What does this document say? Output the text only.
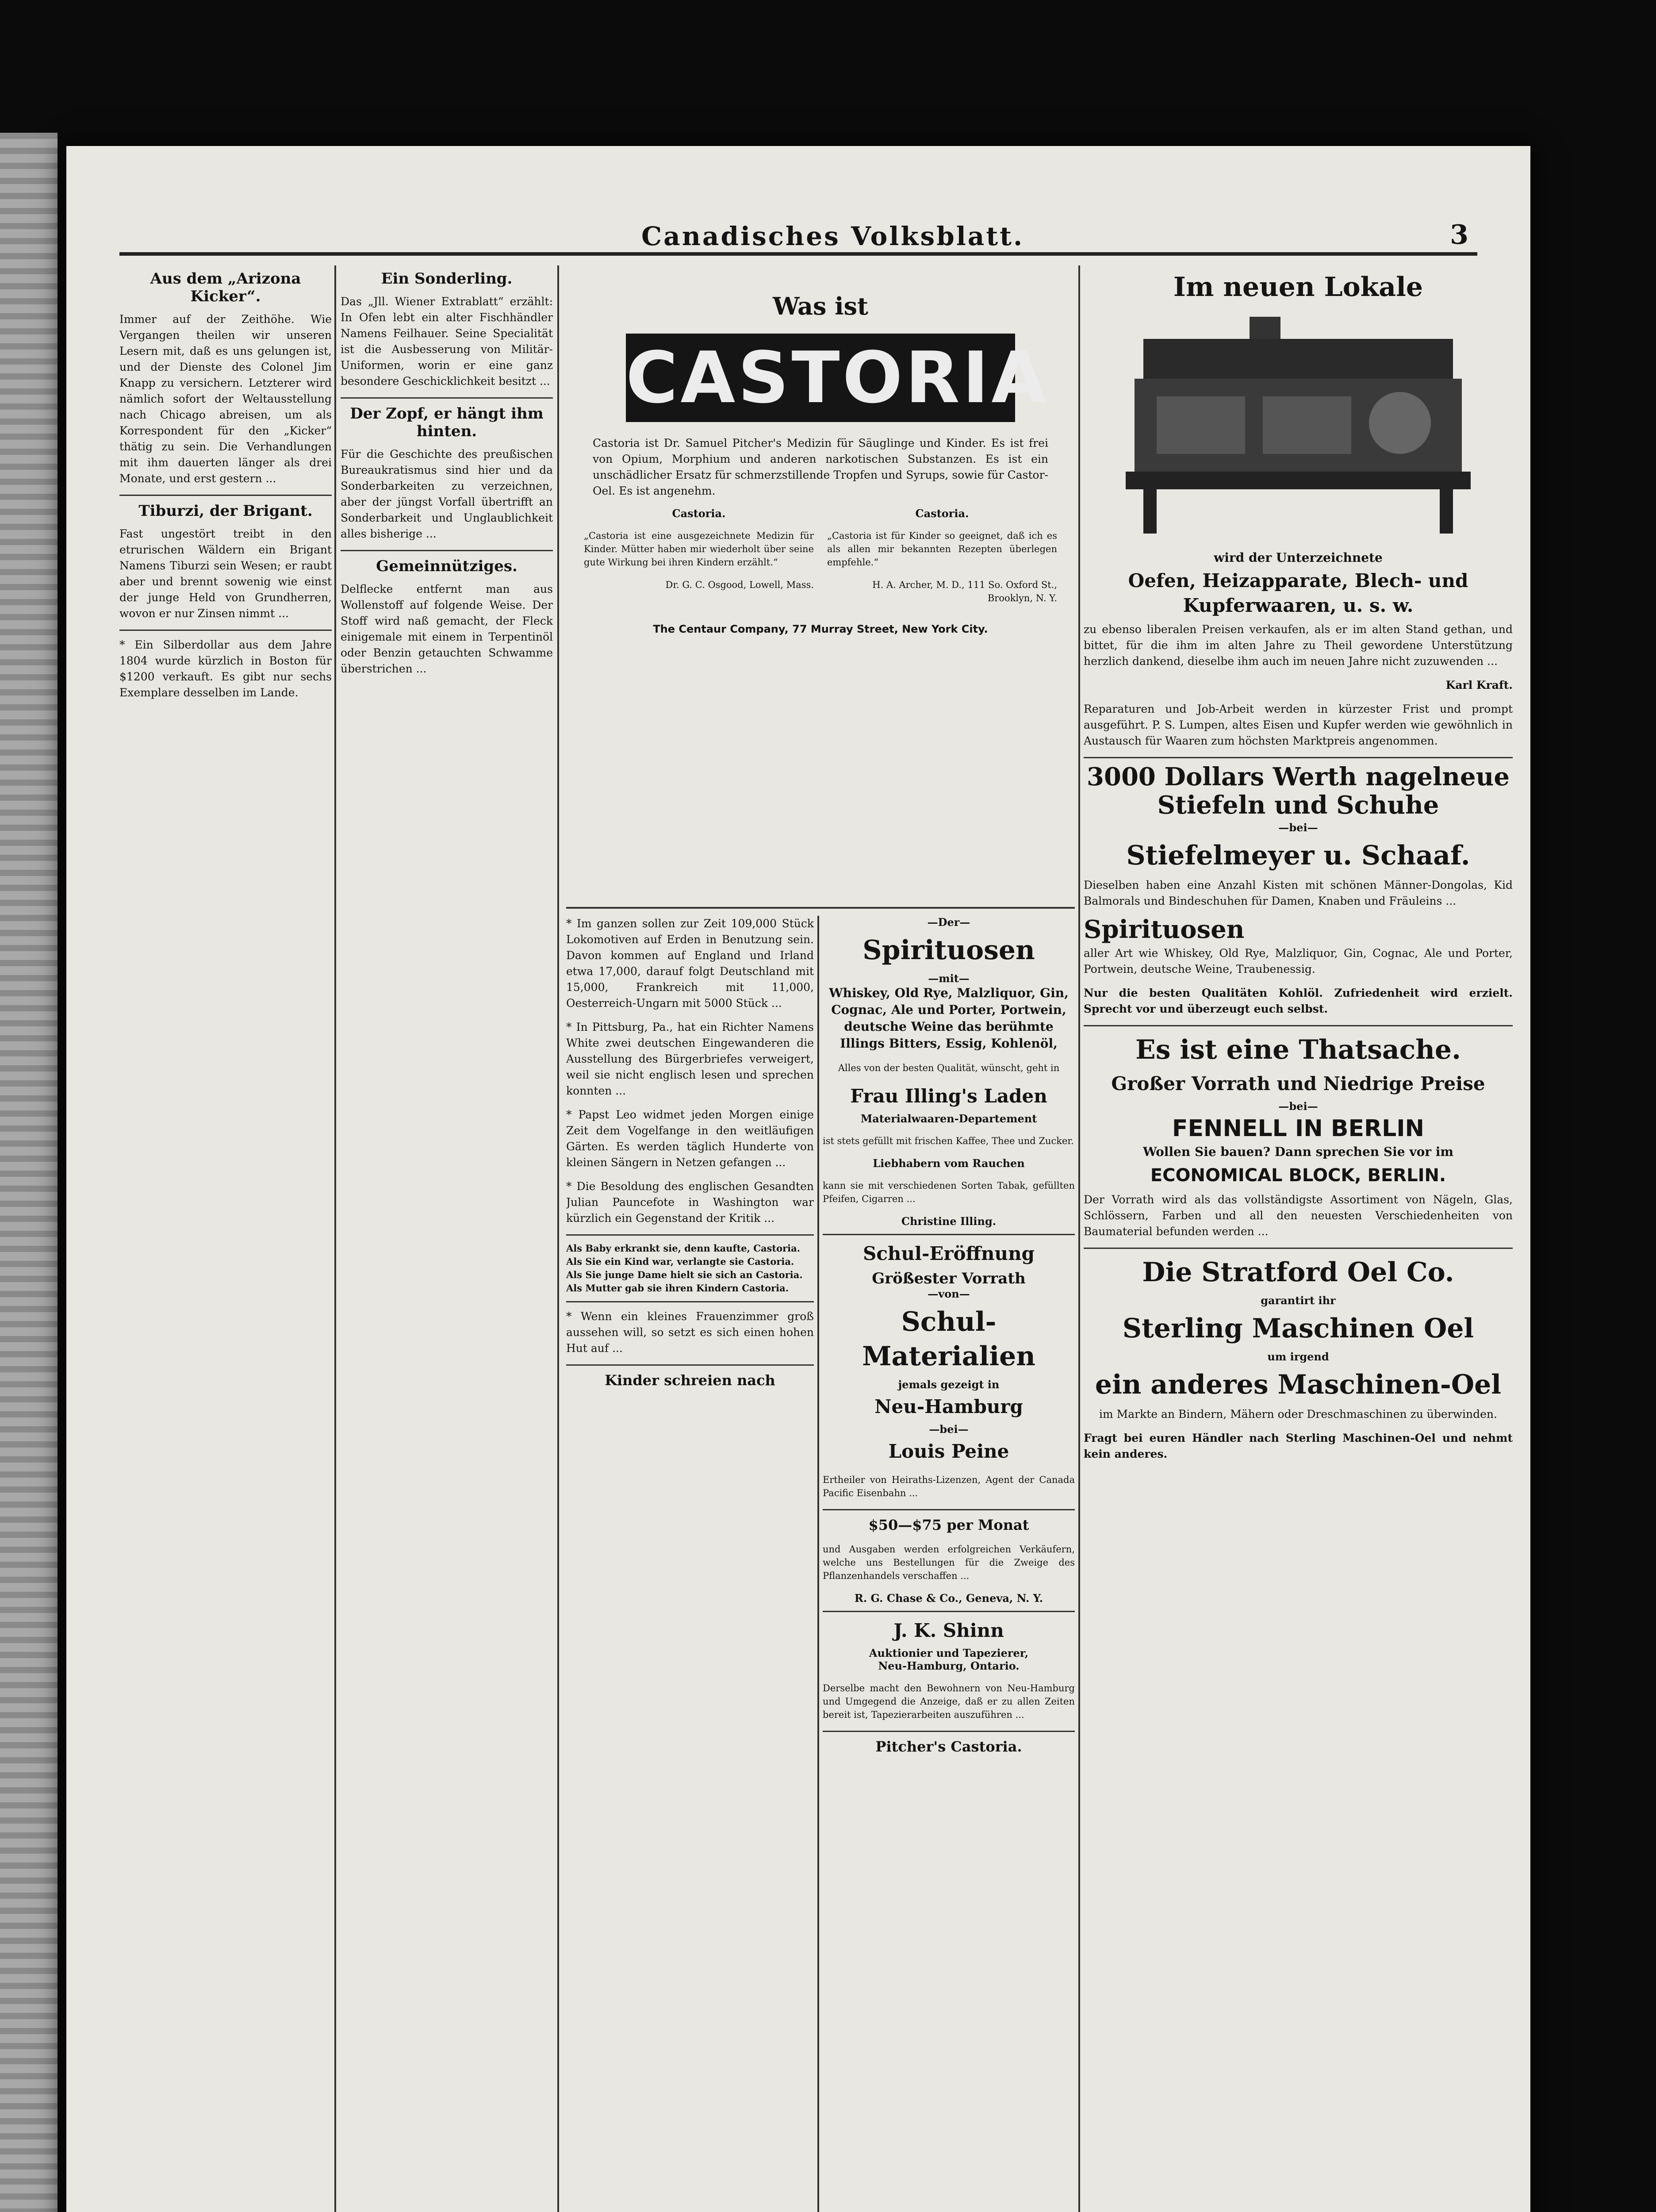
Canadisches Volksblatt.	3
Aus dem „Arizona Kicker“.

Immer auf der Zeithöhe. Wie Vergangen theilen wir unseren Lesern mit, daß es uns gelungen ist, und der Dienste des Colonel Jim Knapp zu versichern. Letzterer wird nämlich sofort der Weltausstellung nach Chicago abreisen, um als Korrespondent für den „Kicker“ thätig zu sein. Die Verhandlungen mit ihm dauerten länger als drei Monate, und erst gestern ...

Tiburzi, der Brigant.

Fast ungestört treibt in den etrurischen Wäldern ein Brigant Namens Tiburzi sein Wesen; er raubt aber und brennt sowenig wie einst der junge Held von Grundherren, wovon er nur Zinsen nimmt ...

* Ein Silberdollar aus dem Jahre 1804 wurde kürzlich in Boston für $1200 verkauft. Es gibt nur sechs Exemplare desselben im Lande.

Ein Sonderling.

Das „Jll. Wiener Extrablatt“ erzählt: In Ofen lebt ein alter Fischhändler Namens Feilhauer. Seine Specialität ist die Ausbesserung von Militär-Uniformen, worin er eine ganz besondere Geschicklichkeit besitzt ...

Der Zopf, er hängt ihm hinten.

Für die Geschichte des preußischen Bureaukratismus sind hier und da Sonderbarkeiten zu verzeichnen, aber der jüngst Vorfall übertrifft an Sonderbarkeit und Unglaublichkeit alles bisherige ...

Gemeinnütziges.

Delflecke entfernt man aus Wollenstoff auf folgende Weise. Der Stoff wird naß gemacht, der Fleck einigemale mit einem in Terpentinöl oder Benzin getauchten Schwamme überstrichen ...

Was ist
CASTORIA

Castoria ist Dr. Samuel Pitcher's Medizin für Säuglinge und Kinder. Es ist frei von Opium, Morphium und anderen narkotischen Substanzen. Es ist ein unschädlicher Ersatz für schmerzstillende Tropfen und Syrups, sowie für Castor-Oel. Es ist angenehm.

Castoria.

„Castoria ist eine ausgezeichnete Medizin für Kinder. Mütter haben mir wiederholt über seine gute Wirkung bei ihren Kindern erzählt.“

Dr. G. C. Osgood, Lowell, Mass.

Castoria.

„Castoria ist für Kinder so geeignet, daß ich es als allen mir bekannten Rezepten überlegen empfehle.“

H. A. Archer, M. D., 111 So. Oxford St., Brooklyn, N. Y.

The Centaur Company, 77 Murray Street, New York City.

* Im ganzen sollen zur Zeit 109,000 Stück Lokomotiven auf Erden in Benutzung sein. Davon kommen auf England und Irland etwa 17,000, darauf folgt Deutschland mit 15,000, Frankreich mit 11,000, Oesterreich-Ungarn mit 5000 Stück ...

* In Pittsburg, Pa., hat ein Richter Namens White zwei deutschen Eingewanderen die Ausstellung des Bürgerbriefes verweigert, weil sie nicht englisch lesen und sprechen konnten ...

* Papst Leo widmet jeden Morgen einige Zeit dem Vogelfange in den weitläufigen Gärten. Es werden täglich Hunderte von kleinen Sängern in Netzen gefangen ...

* Die Besoldung des englischen Gesandten Julian Pauncefote in Washington war kürzlich ein Gegenstand der Kritik ...

Als Baby erkrankt sie, denn kaufte, Castoria.
Als Sie ein Kind war, verlangte sie Castoria.
Als Sie junge Dame hielt sie sich an Castoria.
Als Mutter gab sie ihren Kindern Castoria.

* Wenn ein kleines Frauenzimmer groß aussehen will, so setzt es sich einen hohen Hut auf ...

Kinder schreien nach
—Der—
Spirituosen
—mit—
Whiskey, Old Rye, Malzliquor, Gin, Cognac, Ale und Porter, Portwein, deutsche Weine das berühmte Illings Bitters, Essig, Kohlenöl,

Alles von der besten Qualität, wünscht, geht in

Frau Illing's Laden
Materialwaaren-Departement

ist stets gefüllt mit frischen Kaffee, Thee und Zucker.

Liebhabern vom Rauchen

kann sie mit verschiedenen Sorten Tabak, gefüllten Pfeifen, Cigarren ...

Christine Illing.
Schul-Eröffnung
Größester Vorrath
—von—
Schul-Materialien
jemals gezeigt in
Neu-Hamburg
—bei—
Louis Peine

Ertheiler von Heiraths-Lizenzen, Agent der Canada Pacific Eisenbahn ...

$50—$75 per Monat

und Ausgaben werden erfolgreichen Verkäufern, welche uns Bestellungen für die Zweige des Pflanzenhandels verschaffen ...

R. G. Chase & Co., Geneva, N. Y.
J. K. Shinn
Auktionier und Tapezierer,
Neu-Hamburg, Ontario.

Derselbe macht den Bewohnern von Neu-Hamburg und Umgegend die Anzeige, daß er zu allen Zeiten bereit ist, Tapezierarbeiten auszuführen ...

Pitcher's Castoria.
Im neuen Lokale
wird der Unterzeichnete
Oefen, Heizapparate, Blech- und Kupferwaaren, u. s. w.

zu ebenso liberalen Preisen verkaufen, als er im alten Stand gethan, und bittet, für die ihm im alten Jahre zu Theil gewordene Unterstützung herzlich dankend, dieselbe ihm auch im neuen Jahre nicht zuzuwenden ...

Karl Kraft.

Reparaturen und Job-Arbeit werden in kürzester Frist und prompt ausgeführt. P. S. Lumpen, altes Eisen und Kupfer werden wie gewöhnlich in Austausch für Waaren zum höchsten Marktpreis angenommen.

3000 Dollars Werth nagelneue
Stiefeln und Schuhe
—bei—
Stiefelmeyer u. Schaaf.

Dieselben haben eine Anzahl Kisten mit schönen Männer-Dongolas, Kid Balmorals und Bindeschuhen für Damen, Knaben und Fräuleins ...

Spirituosen

aller Art wie Whiskey, Old Rye, Malzliquor, Gin, Cognac, Ale und Porter, Portwein, deutsche Weine, Traubenessig.

Nur die besten Qualitäten Kohlöl. Zufriedenheit wird erzielt. Sprecht vor und überzeugt euch selbst.

Es ist eine Thatsache.
Großer Vorrath und Niedrige Preise
—bei—
FENNELL IN BERLIN
Wollen Sie bauen? Dann sprechen Sie vor im
ECONOMICAL BLOCK, BERLIN.

Der Vorrath wird als das vollständigste Assortiment von Nägeln, Glas, Schlössern, Farben und all den neuesten Verschiedenheiten von Baumaterial befunden werden ...

Die Stratford Oel Co.
garantirt ihr
Sterling Maschinen Oel
um irgend
ein anderes Maschinen-Oel

im Markte an Bindern, Mähern oder Dreschmaschinen zu überwinden.

Fragt bei euren Händler nach Sterling Maschinen-Oel und nehmt kein anderes.
